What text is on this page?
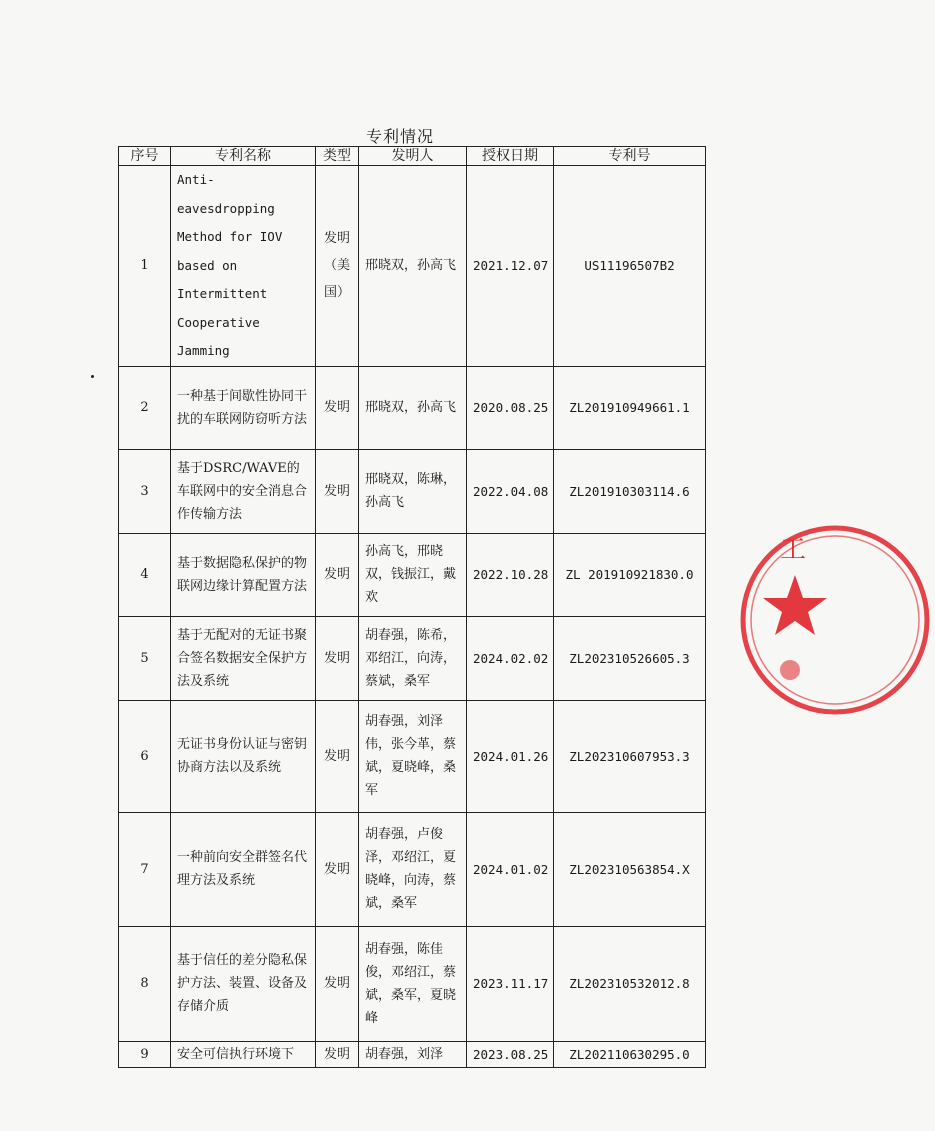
专利情况
序号	专利名称	类型	发明人	授权日期	专利号
1	Anti-eavesdropping Method for IOV based on Intermittent Cooperative Jamming	发明（美国）	邢晓双，孙高飞	2021.12.07	US11196507B2
2	一种基于间歇性协同干扰的车联网防窃听方法	发明	邢晓双，孙高飞	2020.08.25	ZL201910949661.1
3	基于DSRC/WAVE的车联网中的安全消息合作传输方法	发明	邢晓双，陈琳，孙高飞	2022.04.08	ZL201910303114.6
4	基于数据隐私保护的物联网边缘计算配置方法	发明	孙高飞，邢晓双，钱振江，戴欢	2022.10.28	ZL 201910921830.0
5	基于无配对的无证书聚合签名数据安全保护方法及系统	发明	胡春强，陈希，邓绍江，向涛，蔡斌，桑军	2024.02.02	ZL202310526605.3
6	无证书身份认证与密钥协商方法以及系统	发明	胡春强，刘泽伟，张今革，蔡斌，夏晓峰，桑军	2024.01.26	ZL202310607953.3
7	一种前向安全群签名代理方法及系统	发明	胡春强，卢俊泽，邓绍江，夏晓峰，向涛，蔡斌，桑军	2024.01.02	ZL202310563854.X
8	基于信任的差分隐私保护方法、装置、设备及存储介质	发明	胡春强，陈佳俊，邓绍江，蔡斌，桑军，夏晓峰	2023.11.17	ZL202310532012.8
9	安全可信执行环境下	发明	胡春强，刘泽	2023.08.25	ZL202110630295.0
工
